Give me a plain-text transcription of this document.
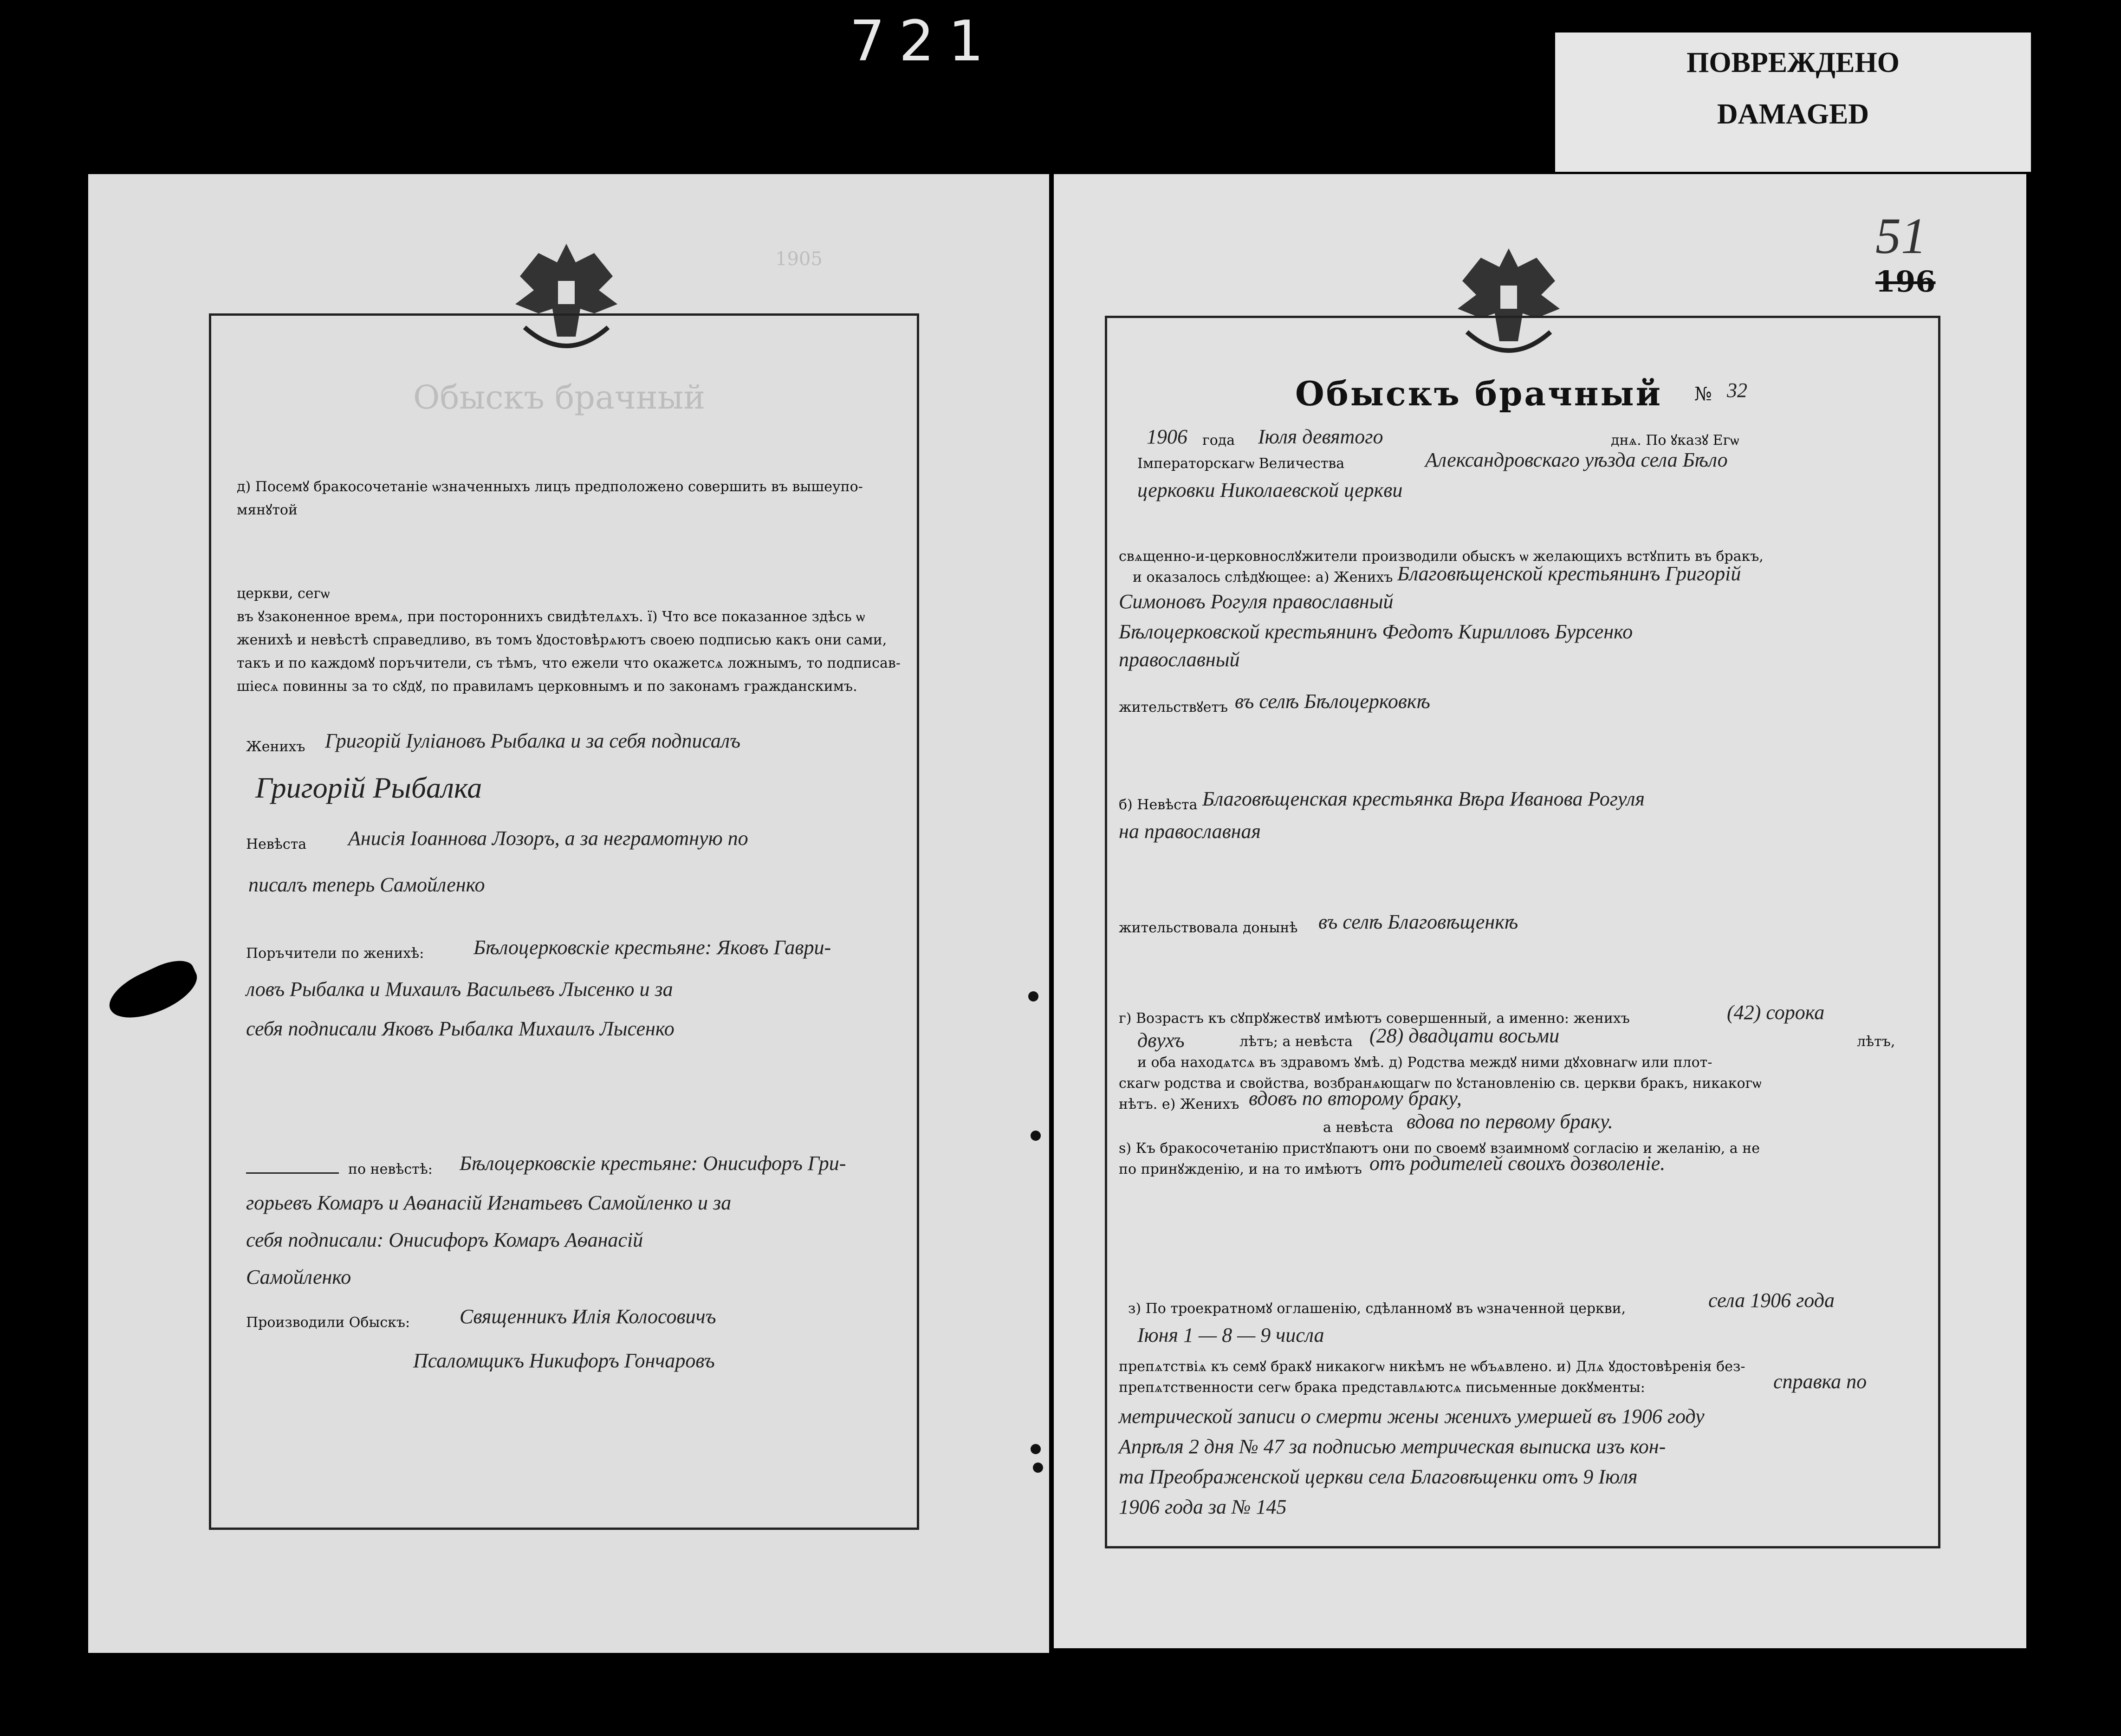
721	ПОВРЕЖДЕНО
DAMAGED
Обыскъ брачный
1905
д) Посемꙋ бракосочетаніе ѡзначенныхъ лицъ предположено совершить въ вышеупо-
мянꙋтой
церкви, сегѡ
въ ꙋзаконенное времѧ, при постороннихъ свидѣтелѧхъ. ї) Что все показанное здѣсь ѡ
женихѣ и невѣстѣ справедливо, въ томъ ꙋдостовѣрѧютъ своею подписью какъ они сами,
такъ и по каждомꙋ поръчители, съ тѣмъ, что ежели что окажетсѧ ложнымъ, то подписав-
шіесѧ повинны за то сꙋдꙋ, по правиламъ церковнымъ и по законамъ гражданскимъ.
Женихъ Григорій Іуліановъ Рыбалка и за себя подписалъ
Григорій Рыбалка
Невѣста Анисія Іоаннова Лозоръ, а за неграмотную по
писалъ теперь Самойленко
Поръчители по женихѣ: Бѣлоцерковскіе крестьяне: Яковъ Гаври-
ловъ Рыбалка и Михаилъ Васильевъ Лысенко и за
себя подписали Яковъ Рыбалка Михаилъ Лысенко
по невѣстѣ: Бѣлоцерковскіе крестьяне: Онисифоръ Гри-
горьевъ Комаръ и Аѳанасій Игнатьевъ Самойленко и за
себя подписали: Онисифоръ Комаръ Аѳанасій
Самойленко
Производили Обыскъ: Священникъ Илія Колосовичъ
Псаломщикъ Никифоръ Гончаровъ
51
196
Обыскъ брачный № 32
1906 года Іюля девятого	днѧ. По ꙋказꙋ Егѡ
Імператорскагѡ Величества	Александровскаго уѣзда села Бѣло
церковки Николаевской церкви
свѧщенно-и-церковнослꙋжители производили обыскъ ѡ желающихъ встꙋпить въ бракъ,
и оказалось слѣдꙋющее: а) Женихъ Благовѣщенской крестьянинъ Григорій
Симоновъ Рогуля православный
Бѣлоцерковской крестьянинъ Федотъ Кирилловъ Бурсенко
православный
жительствꙋетъ въ селѣ Бѣлоцерковкѣ
б) Невѣста Благовѣщенская крестьянка Вѣра Иванова Рогуля
на православная
жительствовала донынѣ въ селѣ Благовѣщенкѣ
г) Возрастъ къ сꙋпрꙋжествꙋ имѣютъ совершенный, а именно: женихъ	(42) сорока
двухъ	лѣтъ; а невѣста (28) двадцати восьми	лѣтъ,
и оба находѧтсѧ въ здравомъ ꙋмѣ. д) Родства междꙋ ними дꙋховнагѡ или плот-
скагѡ родства и свойства, возбранѧющагѡ по ꙋстановленію св. церкви бракъ, никакогѡ
нѣтъ. е) Женихъ вдовъ по второму браку,
а невѣста вдова по первому браку.
ѕ) Къ бракосочетанію пристꙋпаютъ они по своемꙋ взаимномꙋ согласію и желанію, а не
по принꙋжденію, и на то имѣютъ отъ родителей своихъ дозволеніе.
з) По троекратномꙋ оглашенію, сдѣланномꙋ въ ѡзначенной церкви,	села 1906 года
Іюня 1 — 8 — 9 числа
препѧтствіѧ къ семꙋ бракꙋ никакогѡ никѣмъ не ѡбъѧвлено. и) Длѧ ꙋдостовѣренія без-
препѧтственности сегѡ брака представлѧютсѧ письменные докꙋменты:	справка по
метрической записи о смерти жены женихъ умершей въ 1906 году
Апрѣля 2 дня № 47 за подписью метрическая выписка изъ кон-
та Преображенской церкви села Благовѣщенки отъ 9 Іюля
1906 года за № 145
